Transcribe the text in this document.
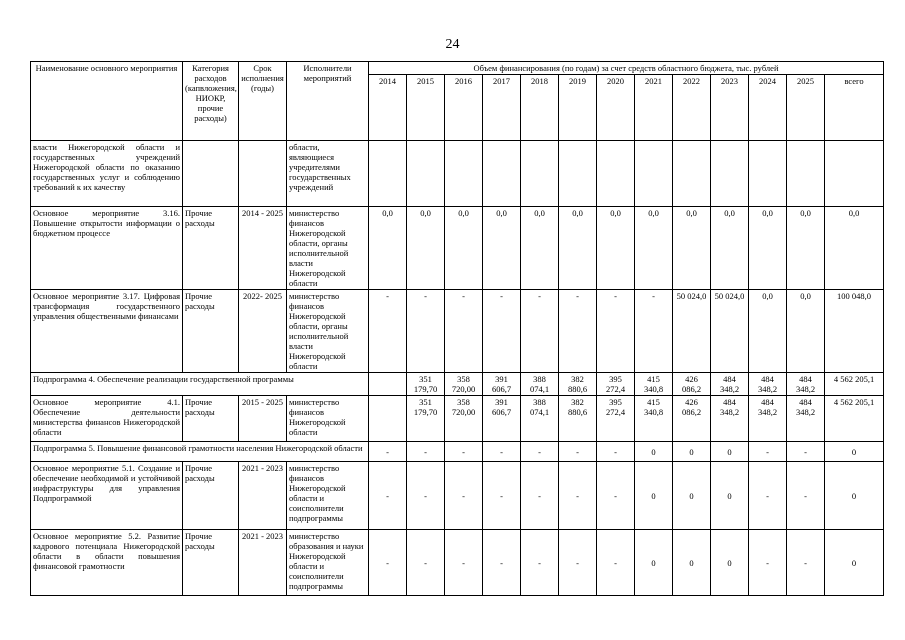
24
Наименование основного мероприятия	Категория расходов (капвложения, НИОКР, прочие расходы)	Срок исполнения (годы)	Исполнители мероприятий	Объем финансирования (по годам) за счет средств областного бюджета, тыс. рублей												
				2014	2015	2016	2017	2018	2019	2020	2021	2022	2023	2024	2025	всего
власти Нижегородской области и государственных учреждений Нижегородской области по оказанию государственных услуг и соблюдению требований к их качеству			области, являющиеся учредителями государственных учреждений													
Основное мероприятие 3.16. Повышение открытости информации о бюджетном процессе	Прочие расходы	2014 - 2025	министерство финансов Нижегородской области, органы исполнительной власти Нижегородской области	0,0	0,0	0,0	0,0	0,0	0,0	0,0	0,0	0,0	0,0	0,0	0,0	0,0
Основное мероприятие 3.17. Цифровая трансформация государственного управления общественными финансами	Прочие расходы	2022- 2025	министерство финансов Нижегородской области, органы исполнительной власти Нижегородской области	-	-	-	-	-	-	-	-	50 024,0	50 024,0	0,0	0,0	100 048,0
Подпрограмма 4. Обеспечение реализации государственной программы					351 179,70	358 720,00	391 606,7	388 074,1	382 880,6	395 272,4	415 340,8	426 086,2	484 348,2	484 348,2	484 348,2	4 562 205,1
Основное мероприятие 4.1. Обеспечение деятельности министерства финансов Нижегородской области	Прочие расходы	2015 - 2025	министерство финансов Нижегородской области		351 179,70	358 720,00	391 606,7	388 074,1	382 880,6	395 272,4	415 340,8	426 086,2	484 348,2	484 348,2	484 348,2	4 562 205,1
Подпрограмма 5. Повышение финансовой грамотности населения Нижегородской области				-	-	-	-	-	-	-	0	0	0	-	-	0
Основное мероприятие 5.1. Создание и обеспечение необходимой и устойчивой инфраструктуры для управления Подпрограммой	Прочие расходы	2021 - 2023	министерство финансов Нижегородской области и соисполнители подпрограммы	-	-	-	-	-	-	-	0	0	0	-	-	0
Основное мероприятие 5.2. Развитие кадрового потенциала Нижегородской области в области повышения финансовой грамотности	Прочие расходы	2021 - 2023	министерство образования и науки Нижегородской области и соисполнители подпрограммы	-	-	-	-	-	-	-	0	0	0	-	-	0
